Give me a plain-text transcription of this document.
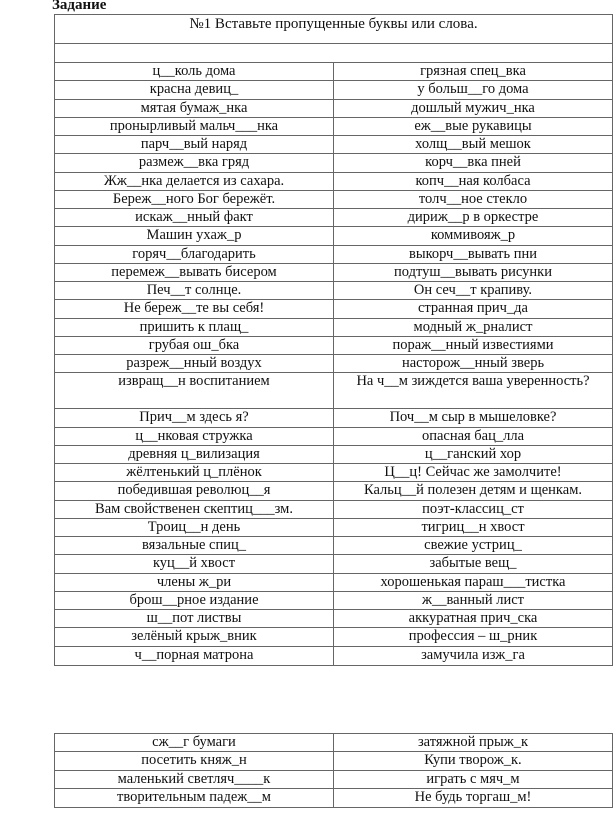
Задание
№1 Вставьте пропущенные буквы или слова.
ц__коль дома	грязная спец_вка
красна девиц_	у больш__го дома
мятая бумаж_нка	дошлый мужич_нка
пронырливый мальч___нка	еж__вые рукавицы
парч__вый наряд	холщ__вый мешок
размеж__вка гряд	корч__вка пней
Жж__нка делается из сахара.	копч__ная колбаса
Береж__ного Бог бережёт.	толч__ное стекло
искаж__нный факт	дириж__р в оркестре
Машин ухаж_р	коммивояж_р
горяч__благодарить	выкорч__вывать пни
перемеж__вывать бисером	подтуш__вывать рисунки
Печ__т солнце.	Он сеч__т крапиву.
Не береж__те вы себя!	странная прич_да
пришить к плащ_	модный ж_рналист
грубая ош_бка	пораж__нный известиями
разреж__нный воздух	насторож__нный зверь
извращ__н воспитанием	На ч__м зиждется ваша уверенность?
Прич__м здесь я?	Поч__м сыр в мышеловке?
ц__нковая стружка	опасная бац_лла
древняя ц_вилизация	ц__ганский хор
жёлтенький ц_плёнок	Ц__ц! Сейчас же замолчите!
победившая революц__я	Кальц__й полезен детям и щенкам.
Вам свойственен скептиц___зм.	поэт-классиц_ст
Троиц__н день	тигриц__н хвост
вязальные спиц_	свежие устриц_
куц__й хвост	забытые вещ_
члены ж_ри	хорошенькая параш___тистка
брош__рное издание	ж__ванный лист
ш__пот листвы	аккуратная прич_ска
зелёный крыж_вник	профессия – ш_рник
ч__порная матрона	замучила изж_га
сж__г бумаги	затяжной прыж_к
посетить княж_н	Купи творож_к.
маленький светляч____к	играть с мяч_м
творительным падеж__м	Не будь торгаш_м!
